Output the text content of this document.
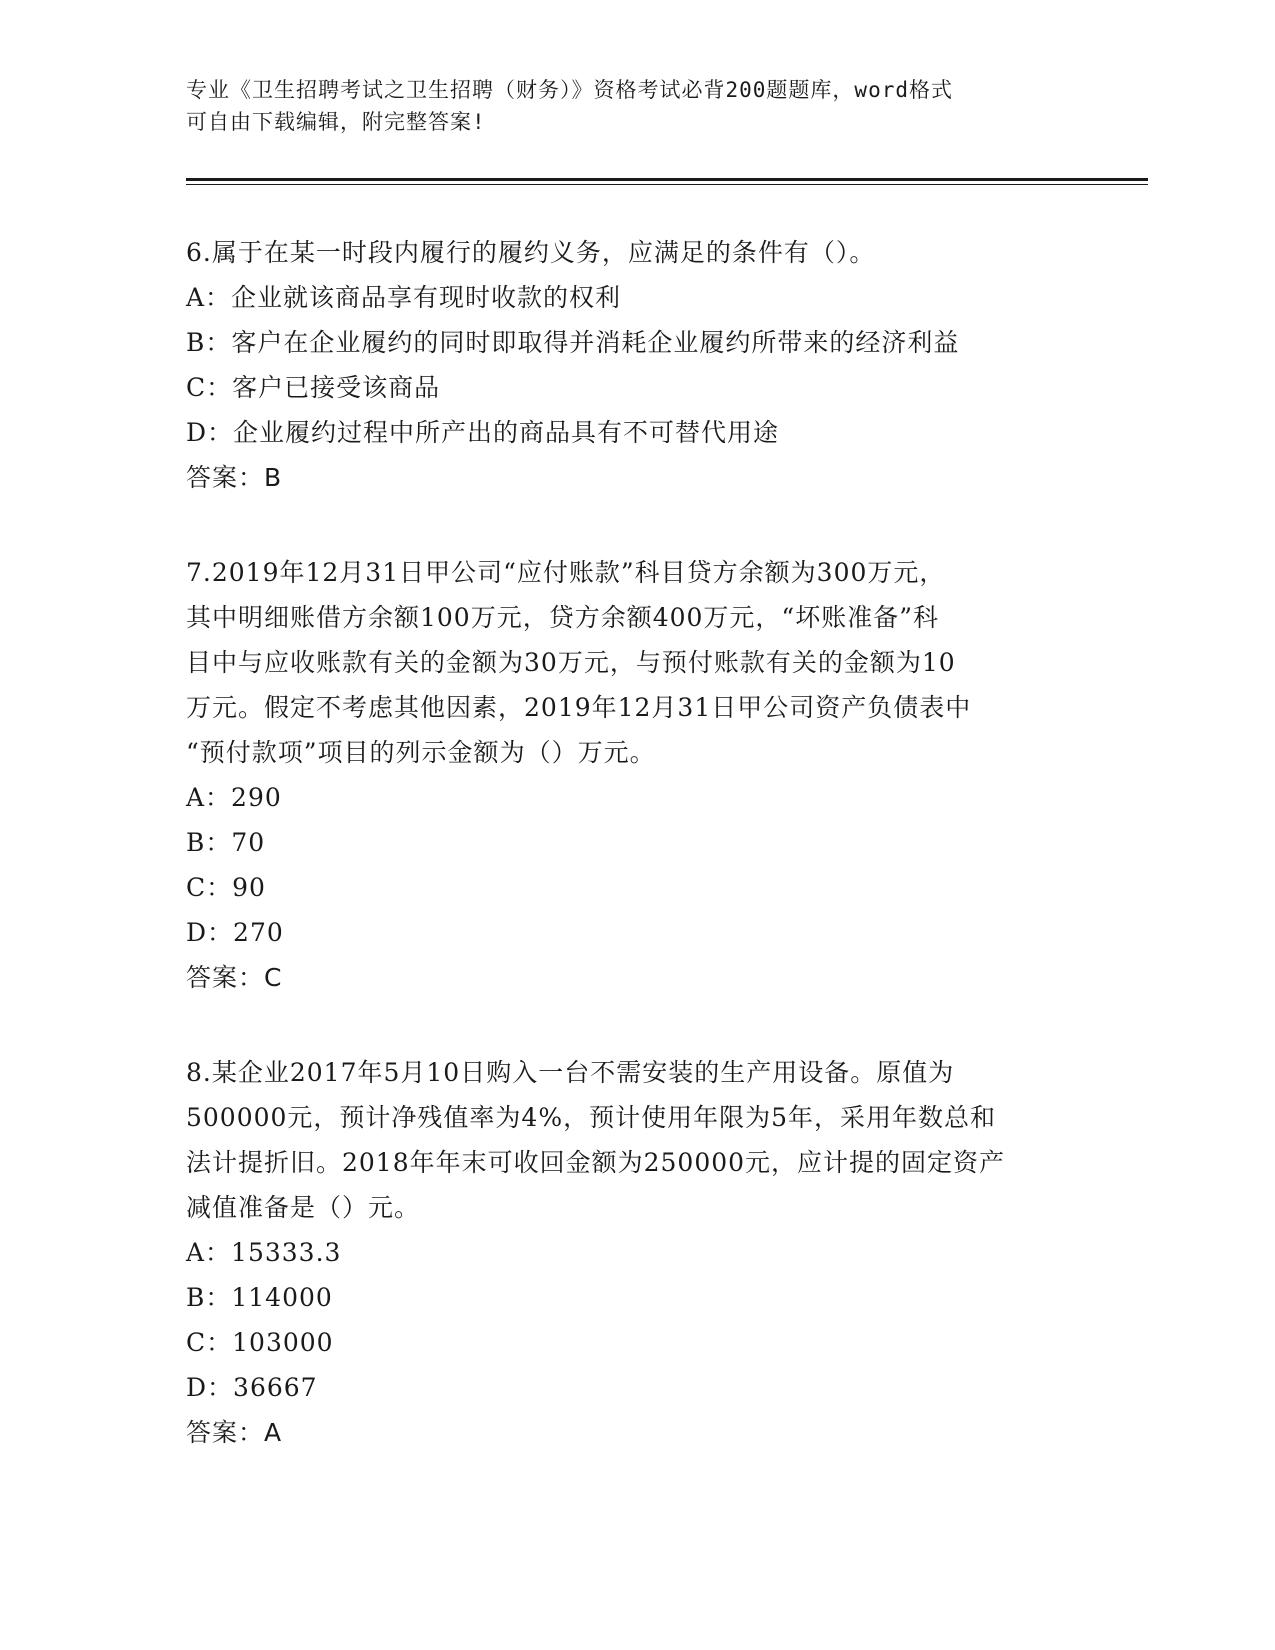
专业《卫生招聘考试之卫生招聘（财务）》资格考试必背200题题库，word格式
可自由下载编辑，附完整答案!
6.属于在某一时段内履行的履约义务，应满足的条件有（）。
A：企业就该商品享有现时收款的权利
B：客户在企业履约的同时即取得并消耗企业履约所带来的经济利益
C：客户已接受该商品
D：企业履约过程中所产出的商品具有不可替代用途
答案：B
7.2019年12月31日甲公司“应付账款”科目贷方余额为300万元，
其中明细账借方余额100万元，贷方余额400万元，“坏账准备”科
目中与应收账款有关的金额为30万元，与预付账款有关的金额为10
万元。假定不考虑其他因素，2019年12月31日甲公司资产负债表中
“预付款项”项目的列示金额为（）万元。
A：290
B：70
C：90
D：270
答案：C
8.某企业2017年5月10日购入一台不需安装的生产用设备。原值为
500000元，预计净残值率为4%，预计使用年限为5年，采用年数总和
法计提折旧。2018年年末可收回金额为250000元，应计提的固定资产
减值准备是（）元。
A：15333.3
B：114000
C：103000
D：36667
答案：A
